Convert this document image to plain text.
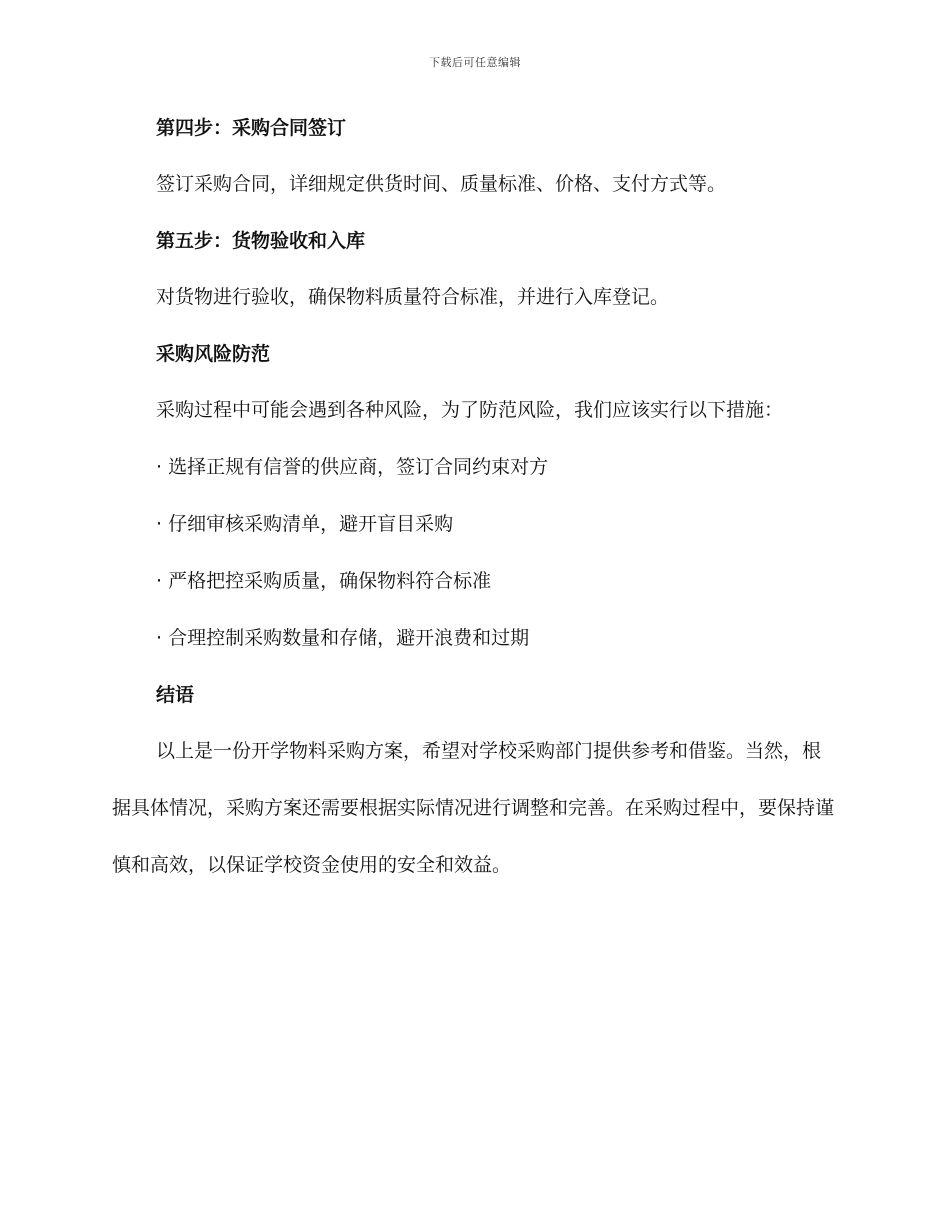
下载后可任意编辑

第四步：采购合同签订

签订采购合同，详细规定供货时间、质量标准、价格、支付方式等。

第五步：货物验收和入库

对货物进行验收，确保物料质量符合标准，并进行入库登记。

采购风险防范

采购过程中可能会遇到各种风险，为了防范风险，我们应该实行以下措施：

· 选择正规有信誉的供应商，签订合同约束对方

· 仔细审核采购清单，避开盲目采购

· 严格把控采购质量，确保物料符合标准

· 合理控制采购数量和存储，避开浪费和过期

结语

以上是一份开学物料采购方案，希望对学校采购部门提供参考和借鉴。当然，根据具体情况，采购方案还需要根据实际情况进行调整和完善。在采购过程中，要保持谨慎和高效，以保证学校资金使用的安全和效益。
